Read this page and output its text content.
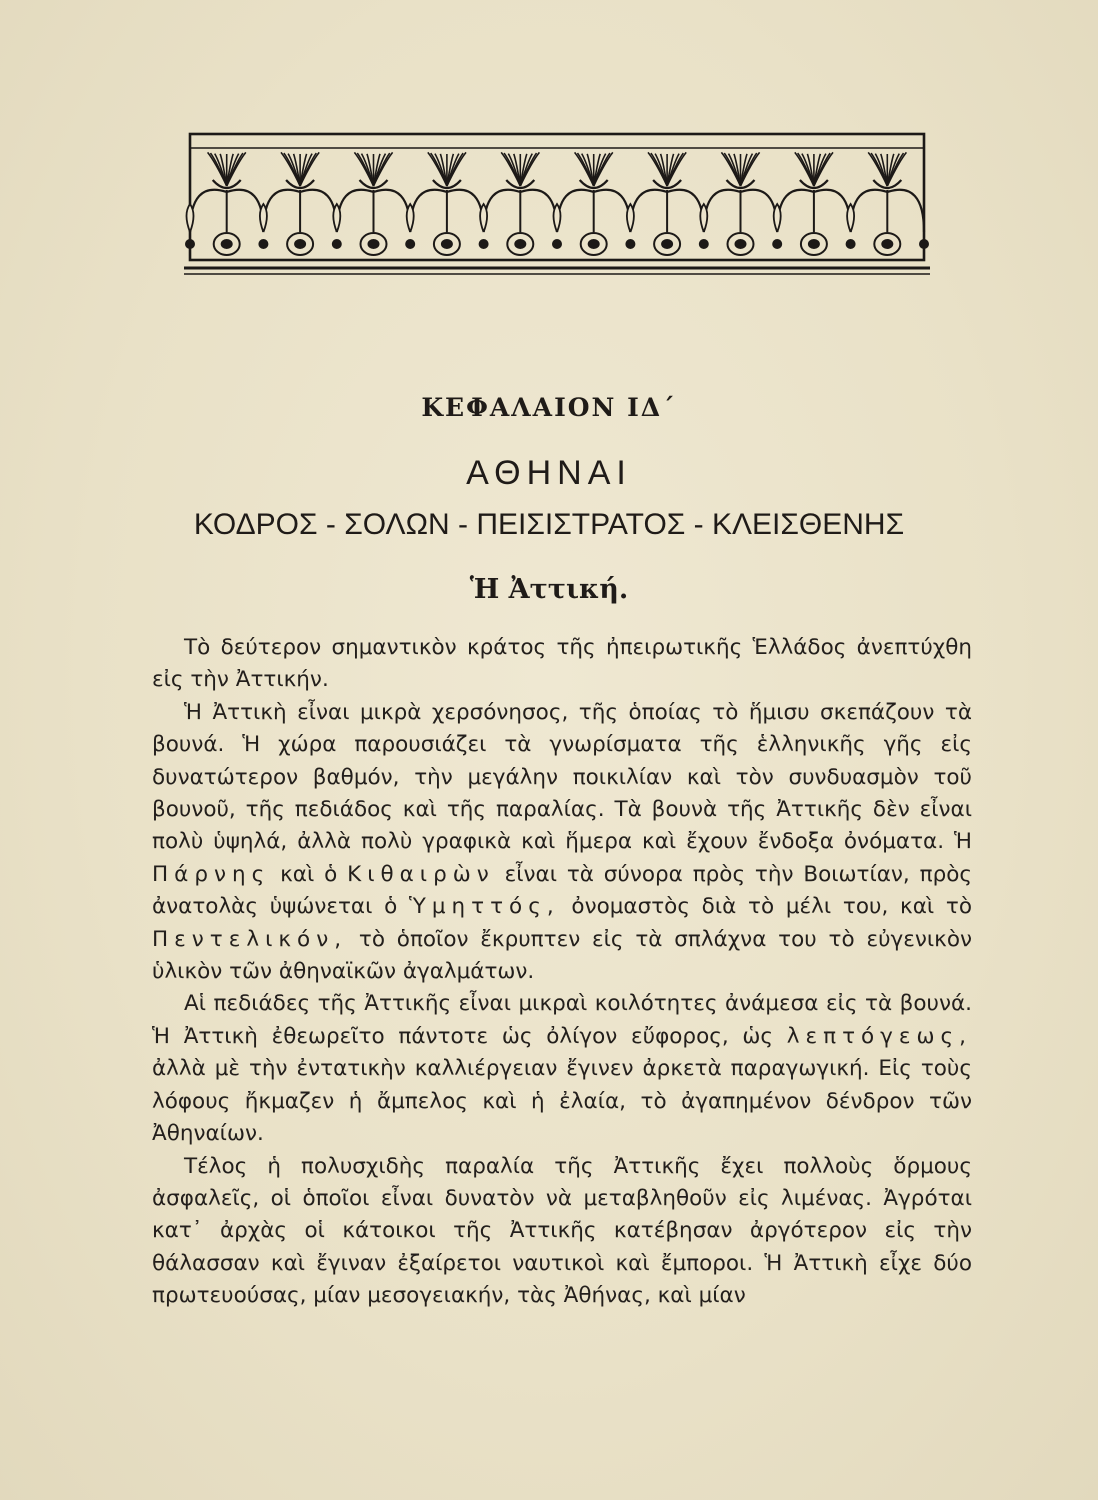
ΚΕΦΑΛΑΙΟΝ ΙΔ΄
ΑΘΗΝΑΙ
ΚΟΔΡΟΣ - ΣΟΛΩΝ - ΠΕΙΣΙΣΤΡΑΤΟΣ - ΚΛΕΙΣΘΕΝΗΣ
Ἡ Ἀττική.

Τὸ δεύτερον σημαντικὸν κράτος τῆς ἠπειρωτικῆς Ἑλλάδος ἀνεπτύχθη εἰς τὴν Ἀττικήν.

Ἡ Ἀττικὴ εἶναι μικρὰ χερσόνησος, τῆς ὁποίας τὸ ἥμισυ σκεπάζουν τὰ βουνά. Ἡ χώρα παρουσιάζει τὰ γνωρίσματα τῆς ἑλληνικῆς γῆς εἰς δυνατώτερον βαθμόν, τὴν μεγάλην ποικιλίαν καὶ τὸν συνδυασμὸν τοῦ βουνοῦ, τῆς πεδιάδος καὶ τῆς παραλίας. Τὰ βουνὰ τῆς Ἀττικῆς δὲν εἶναι πολὺ ὑψηλά, ἀλλὰ πολὺ γραφικὰ καὶ ἥμερα καὶ ἔχουν ἔνδοξα ὀνόματα. Ἡ Πάρνης καὶ ὁ Κιθαιρὼν εἶναι τὰ σύνορα πρὸς τὴν Βοιωτίαν, πρὸς ἀνατολὰς ὑψώνεται ὁ Ὑμηττός, ὀνομαστὸς διὰ τὸ μέλι του, καὶ τὸ Πεντελικόν, τὸ ὁποῖον ἔκρυπτεν εἰς τὰ σπλάχνα του τὸ εὐγενικὸν ὑλικὸν τῶν ἀθηναϊκῶν ἀγαλμάτων.

Αἱ πεδιάδες τῆς Ἀττικῆς εἶναι μικραὶ κοιλότητες ἀνάμεσα εἰς τὰ βουνά. Ἡ Ἀττικὴ ἐθεωρεῖτο πάντοτε ὡς ὀλίγον εὔφορος, ὡς λεπτόγεως, ἀλλὰ μὲ τὴν ἐντατικὴν καλλιέργειαν ἔγινεν ἀρκετὰ παραγωγική. Εἰς τοὺς λόφους ἤκμαζεν ἡ ἄμπελος καὶ ἡ ἐλαία, τὸ ἀγαπημένον δένδρον τῶν Ἀθηναίων.

Τέλος ἡ πολυσχιδὴς παραλία τῆς Ἀττικῆς ἔχει πολλοὺς ὅρμους ἀσφαλεῖς, οἱ ὁποῖοι εἶναι δυνατὸν νὰ μεταβληθοῦν εἰς λιμένας. Ἀγρόται κατ᾽ ἀρχὰς οἱ κάτοικοι τῆς Ἀττικῆς κατέβησαν ἀργότερον εἰς τὴν θάλασσαν καὶ ἔγιναν ἐξαίρετοι ναυτικοὶ καὶ ἔμποροι. Ἡ Ἀττικὴ εἶχε δύο πρωτευούσας, μίαν μεσογειακήν, τὰς Ἀθήνας, καὶ μίαν
